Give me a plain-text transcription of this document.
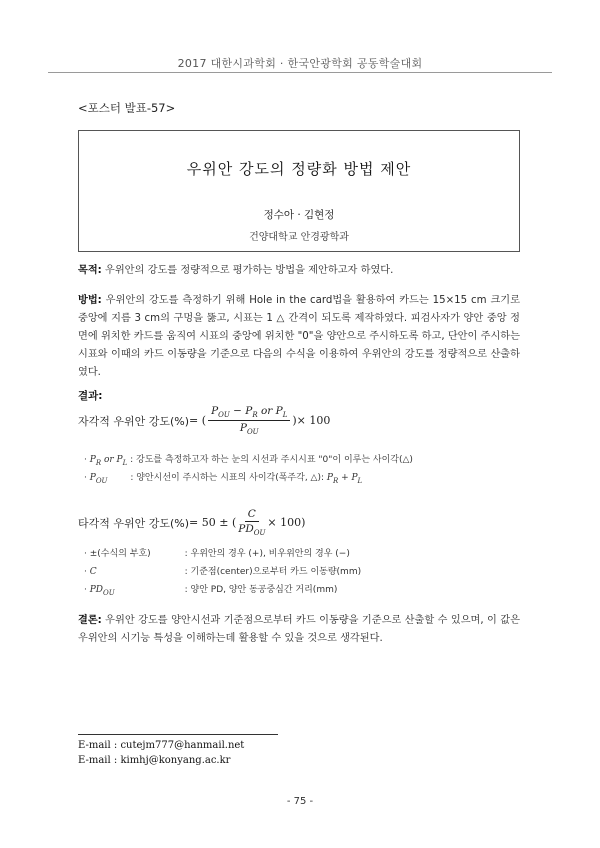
2017 대한시과학회 · 한국안광학회 공동학술대회
<포스터 발표-57>
우위안 강도의 정량화 방법 제안
정수아 · 김현정
건양대학교 안경광학과
목적: 우위안의 강도를 정량적으로 평가하는 방법을 제안하고자 하였다.
방법: 우위안의 강도를 측정하기 위해 Hole in the card법을 활용하여 카드는 15×15 cm 크기로 중앙에 지름 3 cm의 구멍을 뚫고, 시표는 1 △ 간격이 되도록 제작하였다. 피검사자가 양안 중앙 정면에 위치한 카드를 움직여 시표의 중앙에 위치한 "0"을 양안으로 주시하도록 하고, 단안이 주시하는 시표와 이때의 카드 이동량을 기준으로 다음의 수식을 이용하여 우위안의 강도를 정량적으로 산출하였다.
결과:
자각적 우위안 강도(%) = ( $\frac{P_{OU} - P_R or P_L}{P_{OU}}$ )× 100
· $P_R$ or $P_L$ : 강도를 측정하고자 하는 눈의 시선과 주시시표 "0"이 이루는 사이각(△)
· $P_{OU}$        : 양안시선이 주시하는 시표의 사이각(폭주각, △): $P_R + P_L$
타각적 우위안 강도(%) = 50 ± ( $\frac{C}{PD_{OU}} \times 100$)
· ±(수식의 부호)	: 우위안의 경우 (+), 비우위안의 경우 (−)
· C	: 기준점(center)으로부터 카드 이동량(mm)
· $PD_{OU}$	: 양안 PD, 양안 동공중심간 거리(mm)
결론: 우위안 강도를 양안시선과 기준점으로부터 카드 이동량을 기준으로 산출할 수 있으며, 이 값은 우위안의 시기능 특성을 이해하는데 활용할 수 있을 것으로 생각된다.
E-mail : cutejm777@hanmail.net
E-mail : kimhj@konyang.ac.kr
- 75 -
